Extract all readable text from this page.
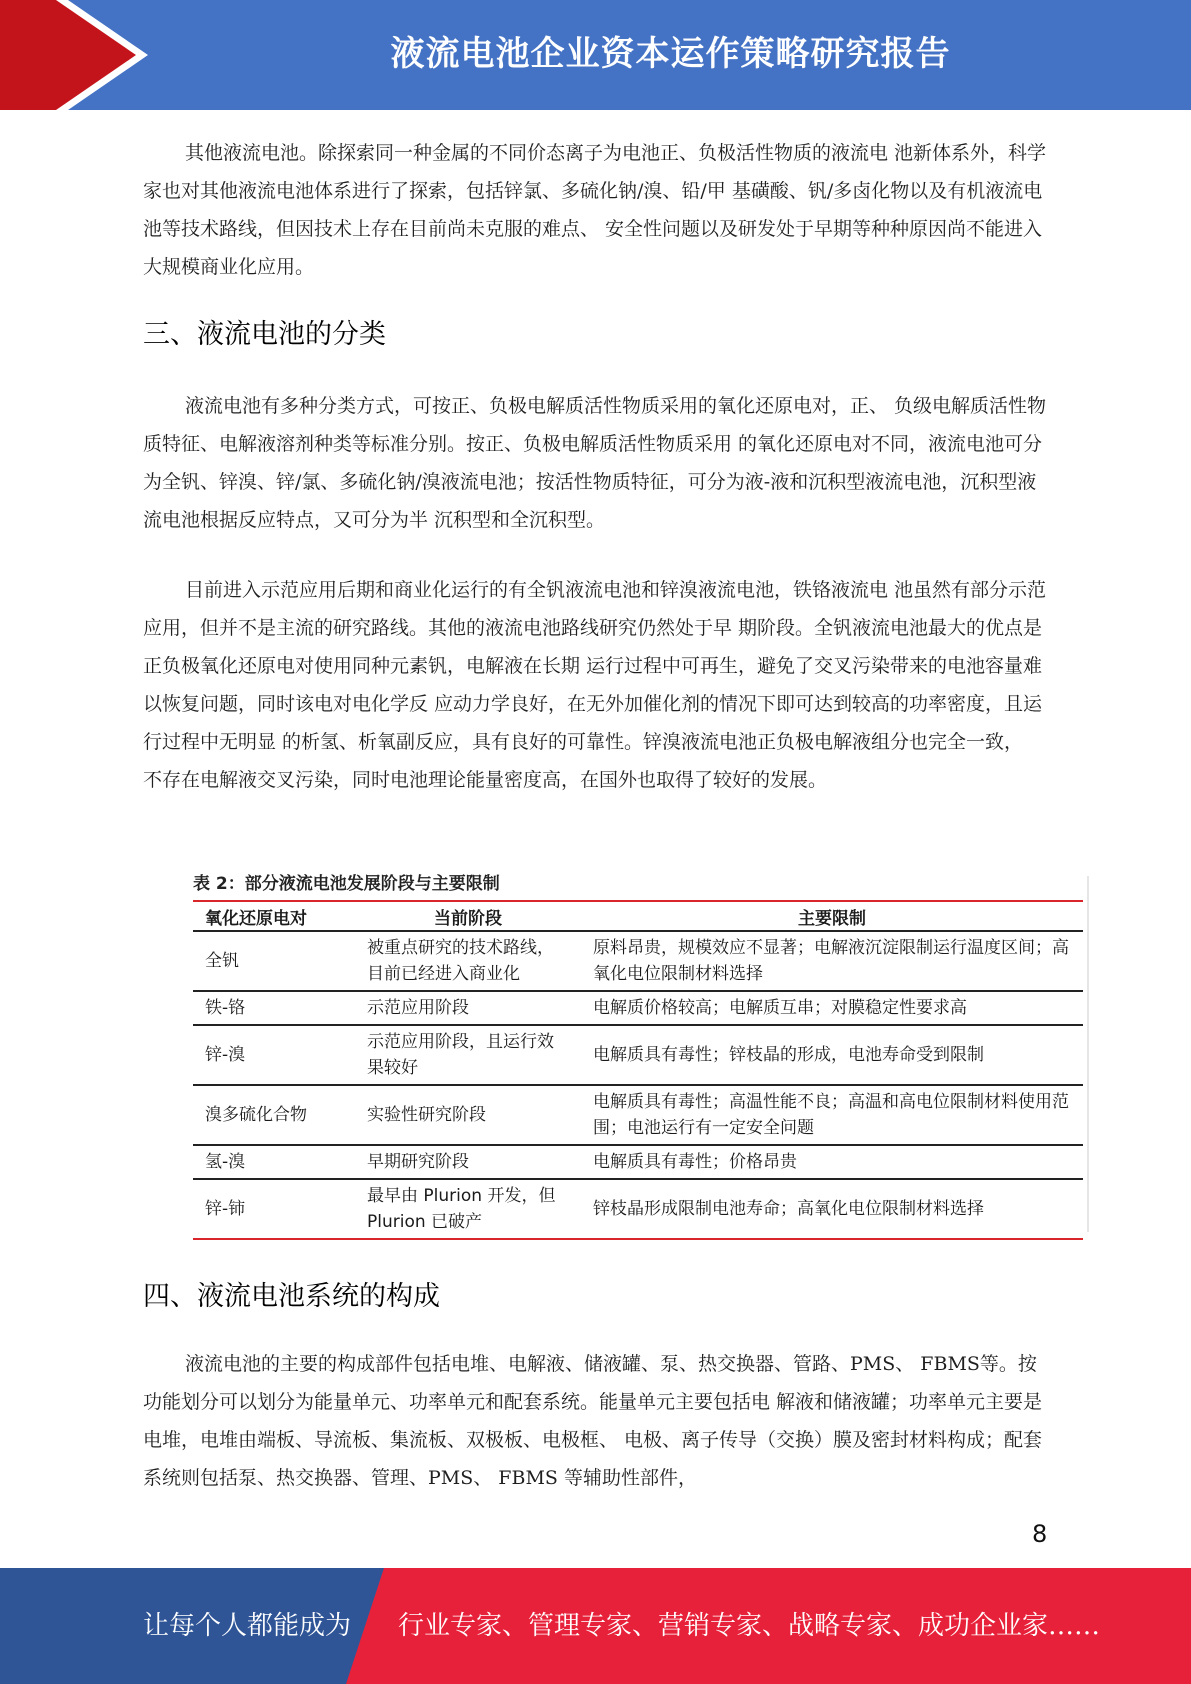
液流电池企业资本运作策略研究报告

其他液流电池。除探索同一种金属的不同价态离子为电池正、负极活性物质的液流电 池新体系外，科学家也对其他液流电池体系进行了探索，包括锌氯、多硫化钠/溴、铅/甲 基磺酸、钒/多卤化物以及有机液流电池等技术路线，但因技术上存在目前尚未克服的难点、 安全性问题以及研发处于早期等种种原因尚不能进入大规模商业化应用。

三、液流电池的分类

液流电池有多种分类方式，可按正、负极电解质活性物质采用的氧化还原电对，正、 负级电解质活性物质特征、电解液溶剂种类等标准分别。按正、负极电解质活性物质采用 的氧化还原电对不同，液流电池可分为全钒、锌溴、锌/氯、多硫化钠/溴液流电池；按活性物质特征，可分为液-液和沉积型液流电池，沉积型液流电池根据反应特点，又可分为半 沉积型和全沉积型。

目前进入示范应用后期和商业化运行的有全钒液流电池和锌溴液流电池，铁铬液流电 池虽然有部分示范应用，但并不是主流的研究路线。其他的液流电池路线研究仍然处于早 期阶段。全钒液流电池最大的优点是正负极氧化还原电对使用同种元素钒，电解液在长期 运行过程中可再生，避免了交叉污染带来的电池容量难以恢复问题，同时该电对电化学反 应动力学良好，在无外加催化剂的情况下即可达到较高的功率密度，且运行过程中无明显 的析氢、析氧副反应，具有良好的可靠性。锌溴液流电池正负极电解液组分也完全一致， 不存在电解液交叉污染，同时电池理论能量密度高，在国外也取得了较好的发展。

表 2：部分液流电池发展阶段与主要限制
氧化还原电对	当前阶段	主要限制
全钒	被重点研究的技术路线，目前已经进入商业化	原料昂贵，规模效应不显著；电解液沉淀限制运行温度区间；高氧化电位限制材料选择
铁-铬	示范应用阶段	电解质价格较高；电解质互串；对膜稳定性要求高
锌-溴	示范应用阶段，且运行效果较好	电解质具有毒性；锌枝晶的形成，电池寿命受到限制
溴多硫化合物	实验性研究阶段	电解质具有毒性；高温性能不良；高温和高电位限制材料使用范围；电池运行有一定安全问题
氢-溴	早期研究阶段	电解质具有毒性；价格昂贵
锌-铈	最早由 Plurion 开发，但 Plurion 已破产	锌枝晶形成限制电池寿命；高氧化电位限制材料选择
四、液流电池系统的构成

液流电池的主要的构成部件包括电堆、电解液、储液罐、泵、热交换器、管路、PMS、 FBMS等。按功能划分可以划分为能量单元、功率单元和配套系统。能量单元主要包括电 解液和储液罐；功率单元主要是电堆，电堆由端板、导流板、集流板、双极板、电极框、 电极、离子传导（交换）膜及密封材料构成；配套系统则包括泵、热交换器、管理、PMS、 FBMS 等辅助性部件，

8
让每个人都能成为 行业专家、管理专家、营销专家、战略专家、成功企业家……
